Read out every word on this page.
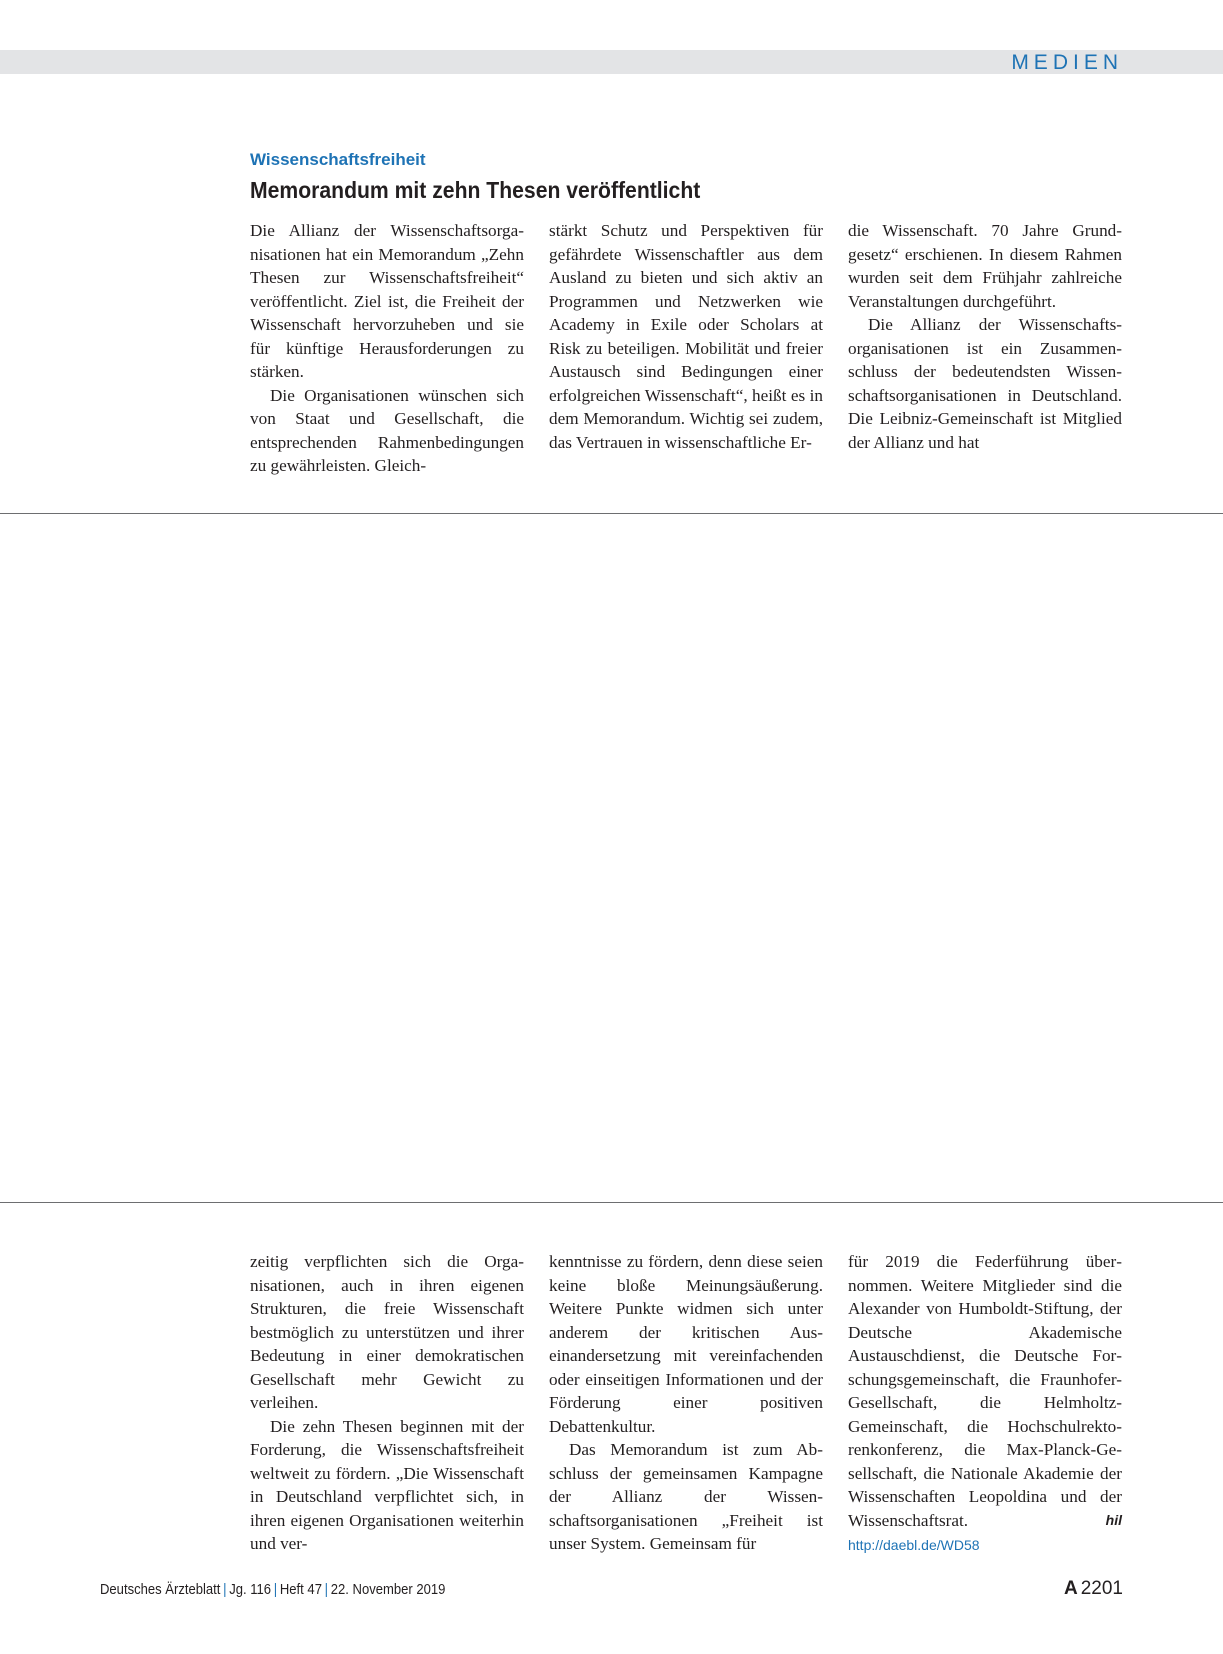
MEDIEN
Wissenschaftsfreiheit
Memorandum mit zehn Thesen veröffentlicht

Die Allianz der Wissenschaftsorganisationen hat ein Memorandum „Zehn Thesen zur Wissenschaftsfreiheit“ veröffentlicht. Ziel ist, die Freiheit der Wissenschaft hervorzuheben und sie für künftige Herausforderungen zu stärken.

Die Organisationen wünschen sich von Staat und Gesellschaft, die entsprechenden Rahmenbedingungen zu gewährleisten. Gleich-

stärkt Schutz und Perspektiven für gefährdete Wissenschaftler aus dem Ausland zu bieten und sich aktiv an Programmen und Netzwerken wie Academy in Exile oder Scholars at Risk zu beteiligen. Mobilität und freier Austausch sind Bedingungen einer erfolgreichen Wissenschaft“, heißt es in dem Memorandum. Wichtig sei zudem, das Vertrauen in wissenschaftliche Er-

die Wissenschaft. 70 Jahre Grundgesetz“ erschienen. In diesem Rahmen wurden seit dem Frühjahr zahlreiche Veranstaltungen durchgeführt.

Die Allianz der Wissenschaftsorganisationen ist ein Zusammenschluss der bedeutendsten Wissenschaftsorganisationen in Deutschland. Die Leibniz-Gemeinschaft ist Mitglied der Allianz und hat

zeitig verpflichten sich die Organisationen, auch in ihren eigenen Strukturen, die freie Wissenschaft bestmöglich zu unterstützen und ihrer Bedeutung in einer demokratischen Gesellschaft mehr Gewicht zu verleihen.

Die zehn Thesen beginnen mit der Forderung, die Wissenschaftsfreiheit weltweit zu fördern. „Die Wissenschaft in Deutschland verpflichtet sich, in ihren eigenen Organisationen weiterhin und ver-

kenntnisse zu fördern, denn diese seien keine bloße Meinungsäußerung. Weitere Punkte widmen sich unter anderem der kritischen Auseinandersetzung mit vereinfachenden oder einseitigen Informationen und der Förderung einer positiven Debattenkultur.

Das Memorandum ist zum Abschluss der gemeinsamen Kampagne der Allianz der Wissenschaftsorganisationen „Freiheit ist unser System. Gemeinsam für

für 2019 die Federführung übernommen. Weitere Mitglieder sind die Alexander von Humboldt-Stiftung, der Deutsche Akademische Austauschdienst, die Deutsche Forschungsgemeinschaft, die Fraunhofer-Gesellschaft, die Helmholtz-Gemeinschaft, die Hochschulrektorenkonferenz, die Max-Planck-Gesellschaft, die Nationale Akademie der Wissenschaften Leopoldina und der Wissenschaftsrat.	hil

http://daebl.de/WD58
Deutsches Ärzteblatt | Jg. 116 | Heft 47 | 22. November 2019	A 2201
